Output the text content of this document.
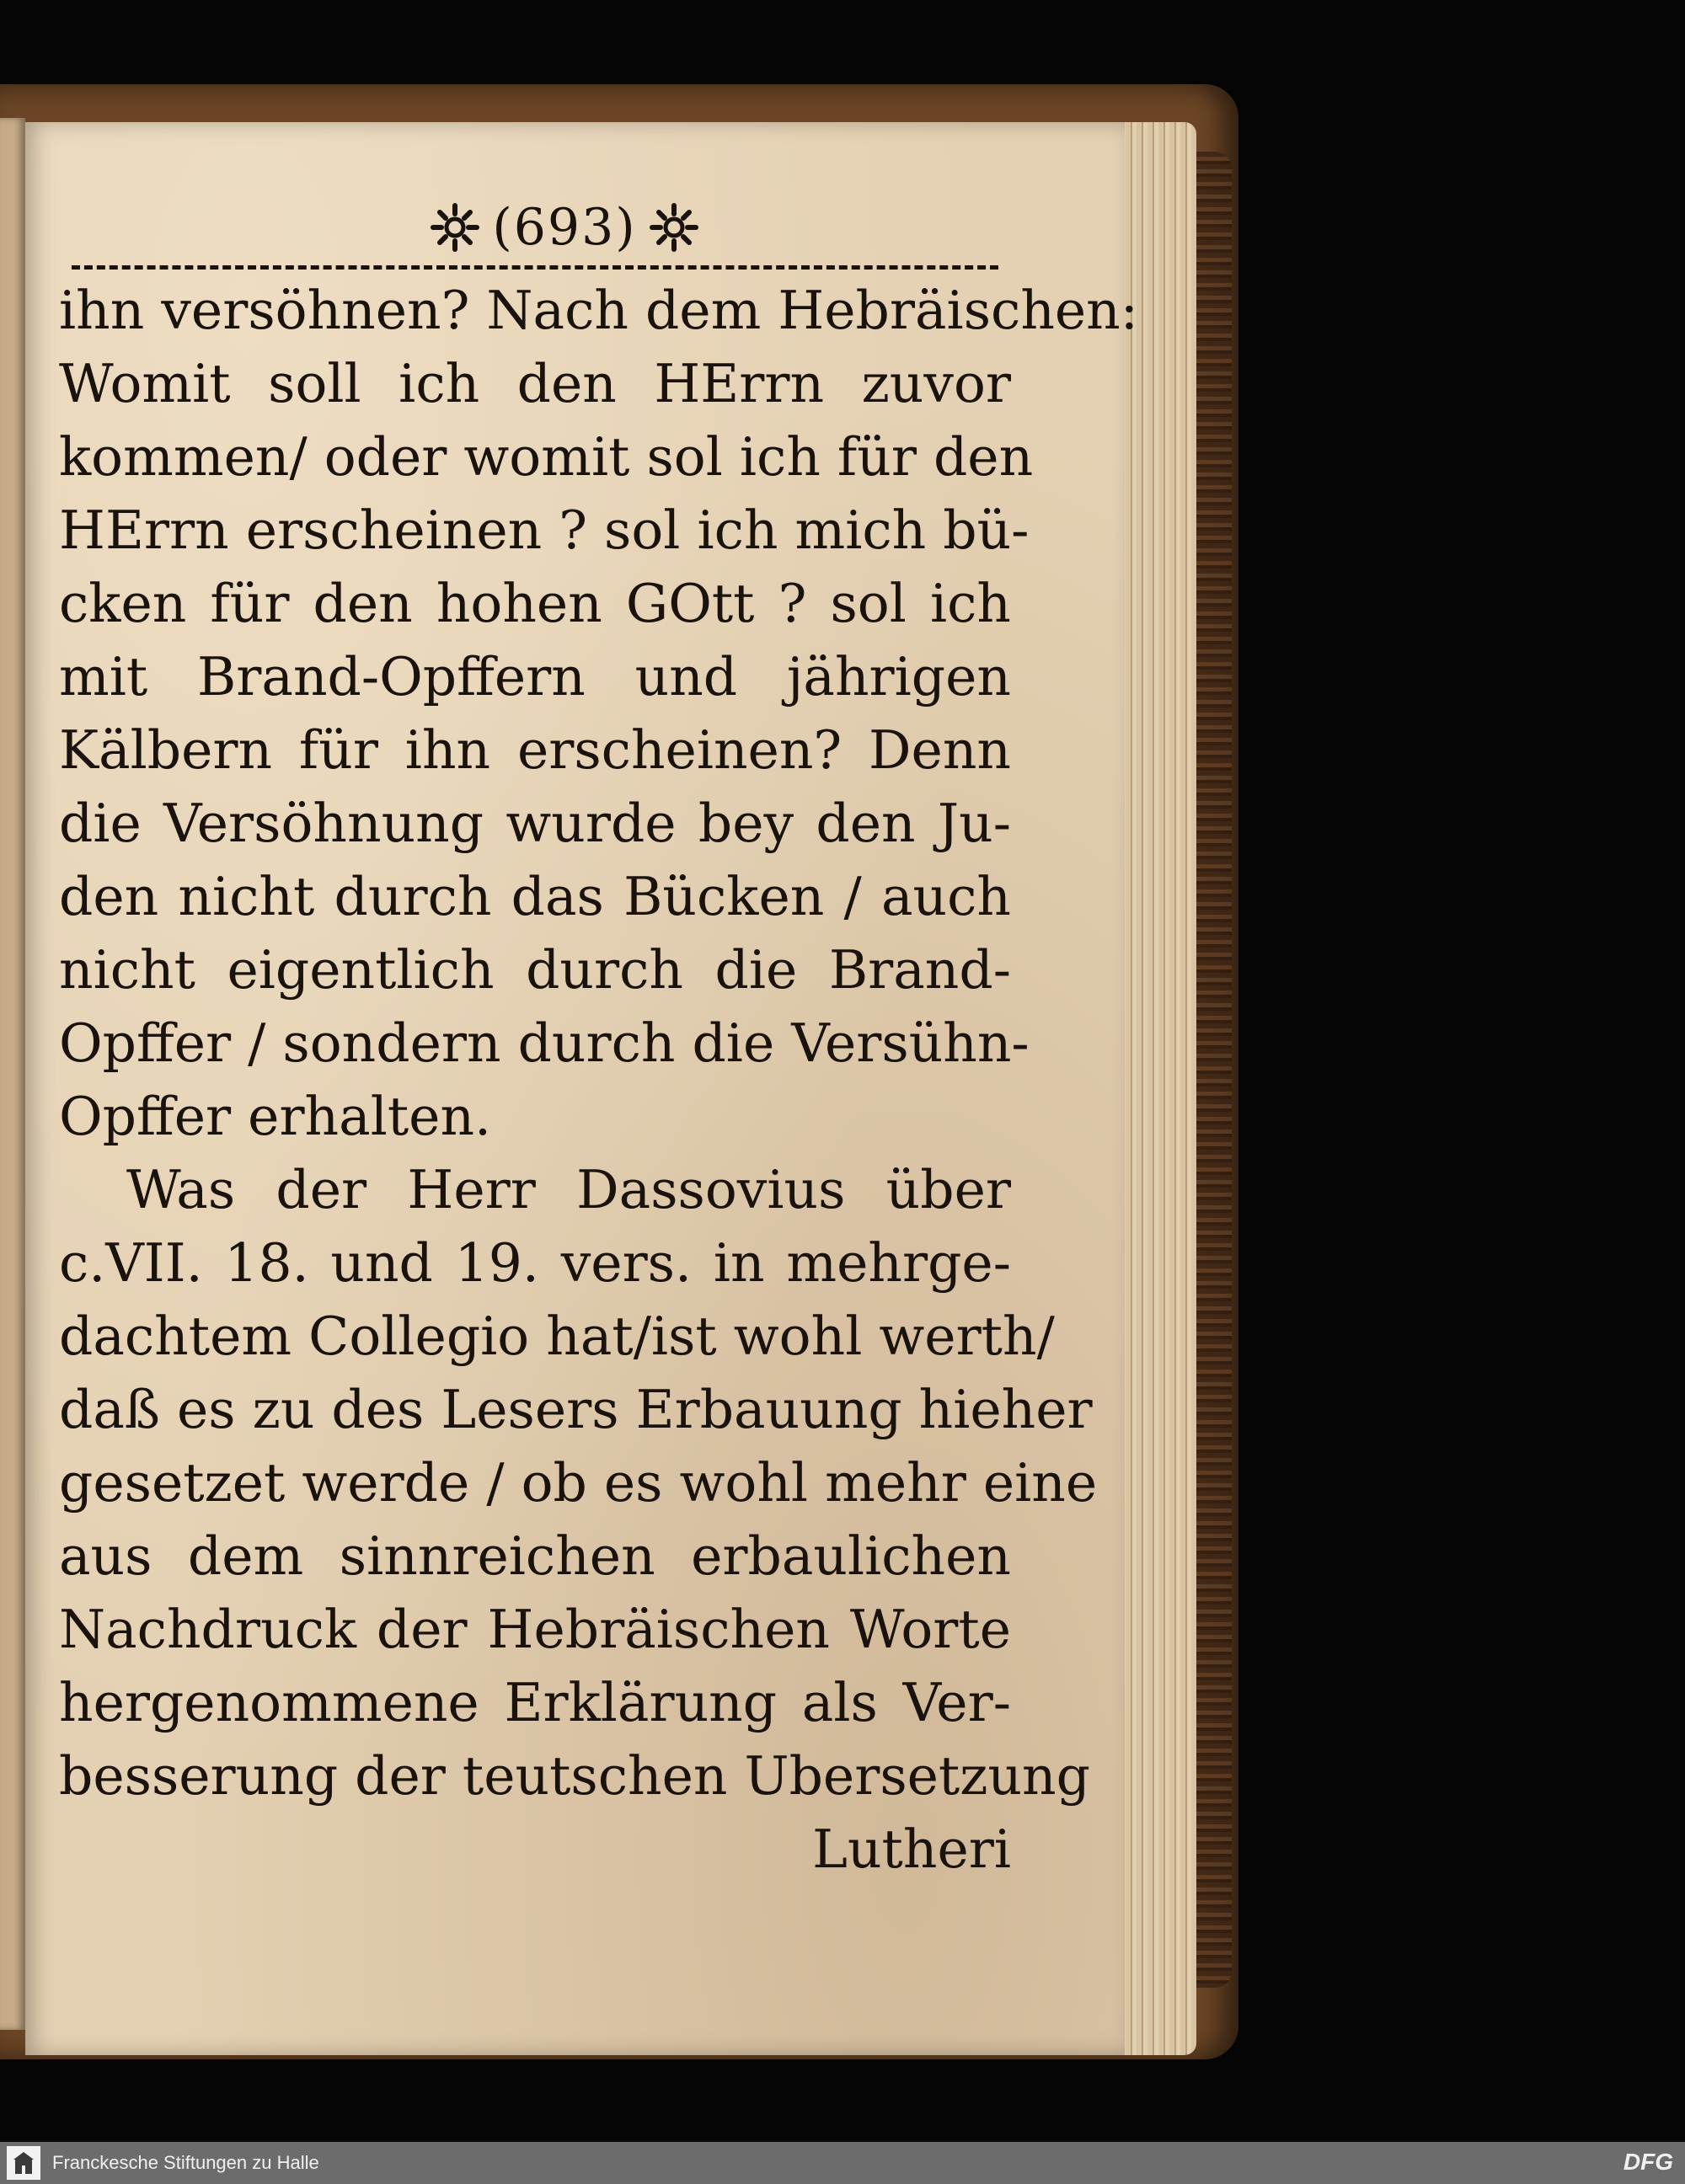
(693)
ihn versöhnen? Nach dem Hebräischen:
Womit soll ich den HErrn zuvor
kommen/ oder womit sol ich für den
HErrn erscheinen ? sol ich mich bü-
cken für den hohen GOtt ? sol ich
mit Brand-Opffern und jährigen
Kälbern für ihn erscheinen? Denn
die Versöhnung wurde bey den Ju-
den nicht durch das Bücken / auch
nicht eigentlich durch die Brand-
Opffer / sondern durch die Versühn-
Opffer erhalten.
Was der Herr Dassovius über
c.VII. 18. und 19. vers. in mehrge-
dachtem Collegio hat/ist wohl werth/
daß es zu des Lesers Erbauung hieher
gesetzet werde / ob es wohl mehr eine
aus dem sinnreichen erbaulichen
Nachdruck der Hebräischen Worte
hergenommene Erklärung als Ver-
besserung der teutschen Ubersetzung
Lutheri
Franckesche Stiftungen zu Halle	DFG
